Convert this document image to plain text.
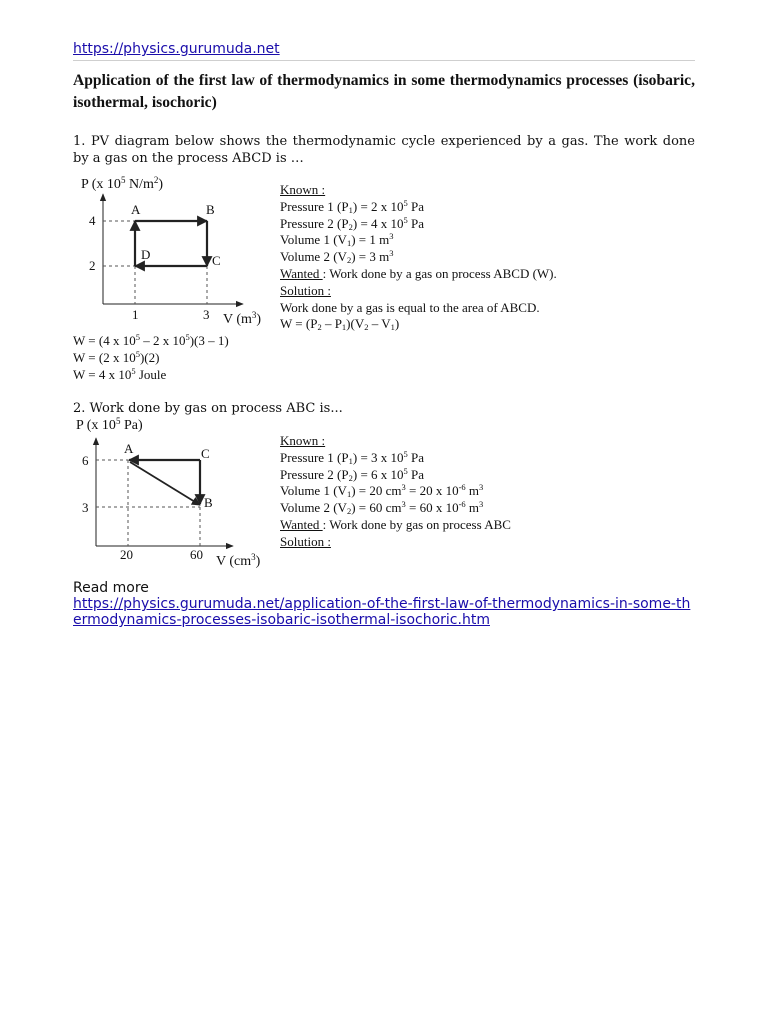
https://physics.gurumuda.net
Application of the first law of thermodynamics in some thermodynamics processes (isobaric, isothermal, isochoric)
1. PV diagram below shows the thermodynamic cycle experienced by a gas. The work done by a gas on the process ABCD is …
P (x $10^5$ $N/m^2$)
V $(m^3)$
4
2
1	3
A	B
C
D
Known :
Pressure 1 $(P_1) = 2$ x $10^5$ Pa
Pressure 2 $(P_2) = 4$ x $10^5$ Pa
Volume 1 $(V_1) = 1$ $m^3$
Volume 2 $(V_2) = 3$ $m^3$
Wanted : Work done by a gas on process ABCD (W).
Solution :
Work done by a gas is equal to the area of ABCD.
$W = (P_2 - P_1)(V_2 - V_1)$
W = (4 x $10^5 - 2$ x $10^5)(3 - 1)$
W = (2 x $10^5)(2)$
W = 4 x $10^5$ Joule
2. Work done by gas on process ABC is...
P (x $10^5$ Pa)
V $(cm^3)$
6
3
20	60
A	C
B
Known :
Pressure 1 $(P_1) = 3$ x $10^5$ Pa
Pressure 2 $(P_2) = 6$ x $10^5$ Pa
Volume 1 $(V_1) = 20$ $cm^3 = 20$ x $10^{-6}$ $m^3$
Volume 2 $(V_2) = 60$ $cm^3 = 60$ x $10^{-6}$ $m^3$
Wanted : Work done by gas on process ABC
Solution :
Read more
https://physics.gurumuda.net/application-of-the-first-law-of-thermodynamics-in-some-thermodynamics-processes-isobaric-isothermal-isochoric.htm
